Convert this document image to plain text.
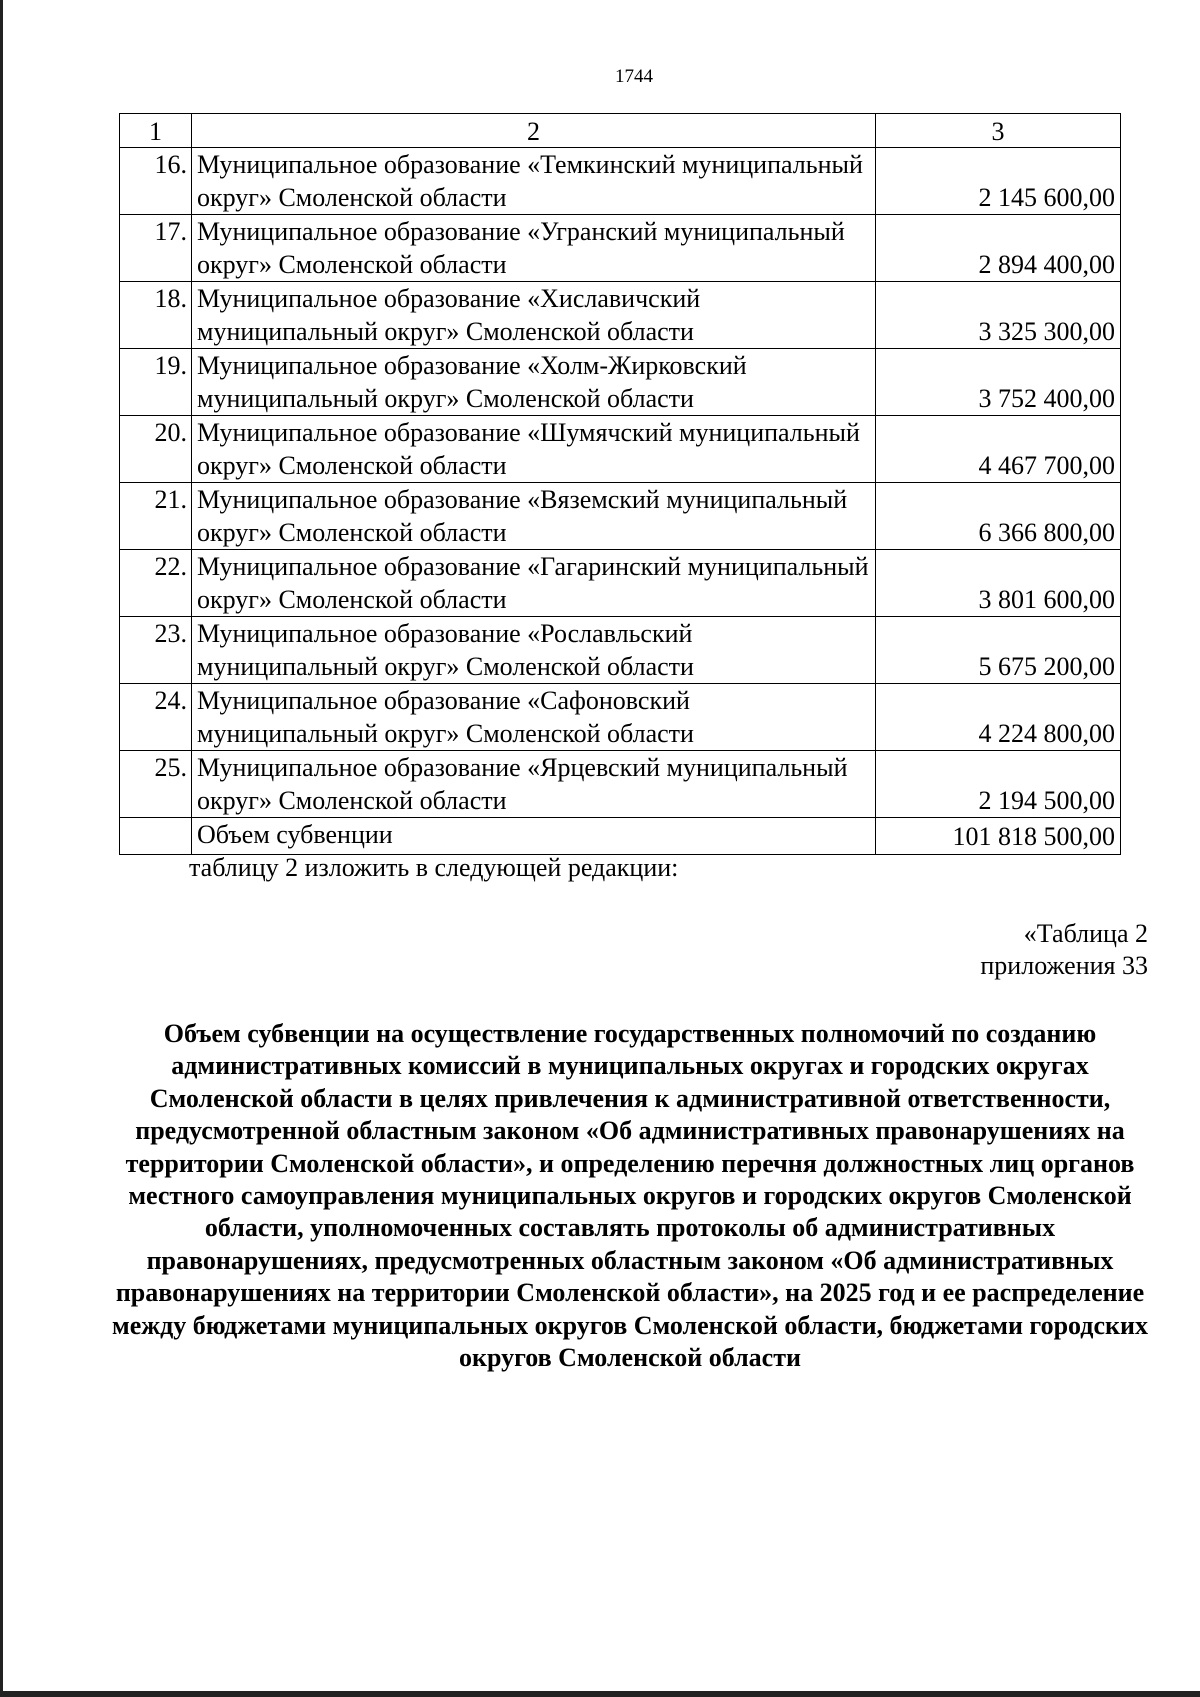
1744
1	2	3
16.	Муниципальное образование «Темкинский муниципальный округ» Смоленской области	2 145 600,00
17.	Муниципальное образование «Угранский муниципальный округ» Смоленской области	2 894 400,00
18.	Муниципальное образование «Хиславичский муниципальный округ» Смоленской области	3 325 300,00
19.	Муниципальное образование «Холм-Жирковский муниципальный округ» Смоленской области	3 752 400,00
20.	Муниципальное образование «Шумячский муниципальный округ» Смоленской области	4 467 700,00
21.	Муниципальное образование «Вяземский муниципальный округ» Смоленской области	6 366 800,00
22.	Муниципальное образование «Гагаринский муниципальный округ» Смоленской области	3 801 600,00
23.	Муниципальное образование «Рославльский муниципальный округ» Смоленской области	5 675 200,00
24.	Муниципальное образование «Сафоновский муниципальный округ» Смоленской области	4 224 800,00
25.	Муниципальное образование «Ярцевский муниципальный округ» Смоленской области	2 194 500,00
	Объем субвенции	101 818 500,00
таблицу 2 изложить в следующей редакции:
«Таблица 2
приложения 33
Объем субвенции на осуществление государственных полномочий по созданию административных комиссий в муниципальных округах и городских округах Смоленской области в целях привлечения к административной ответственности, предусмотренной областным законом «Об административных правонарушениях на территории Смоленской области», и определению перечня должностных лиц органов местного самоуправления муниципальных округов и городских округов Смоленской области, уполномоченных составлять протоколы об административных правонарушениях, предусмотренных областным законом «Об административных правонарушениях на территории Смоленской области», на 2025 год и ее распределение между бюджетами муниципальных округов Смоленской области, бюджетами городских округов Смоленской области
